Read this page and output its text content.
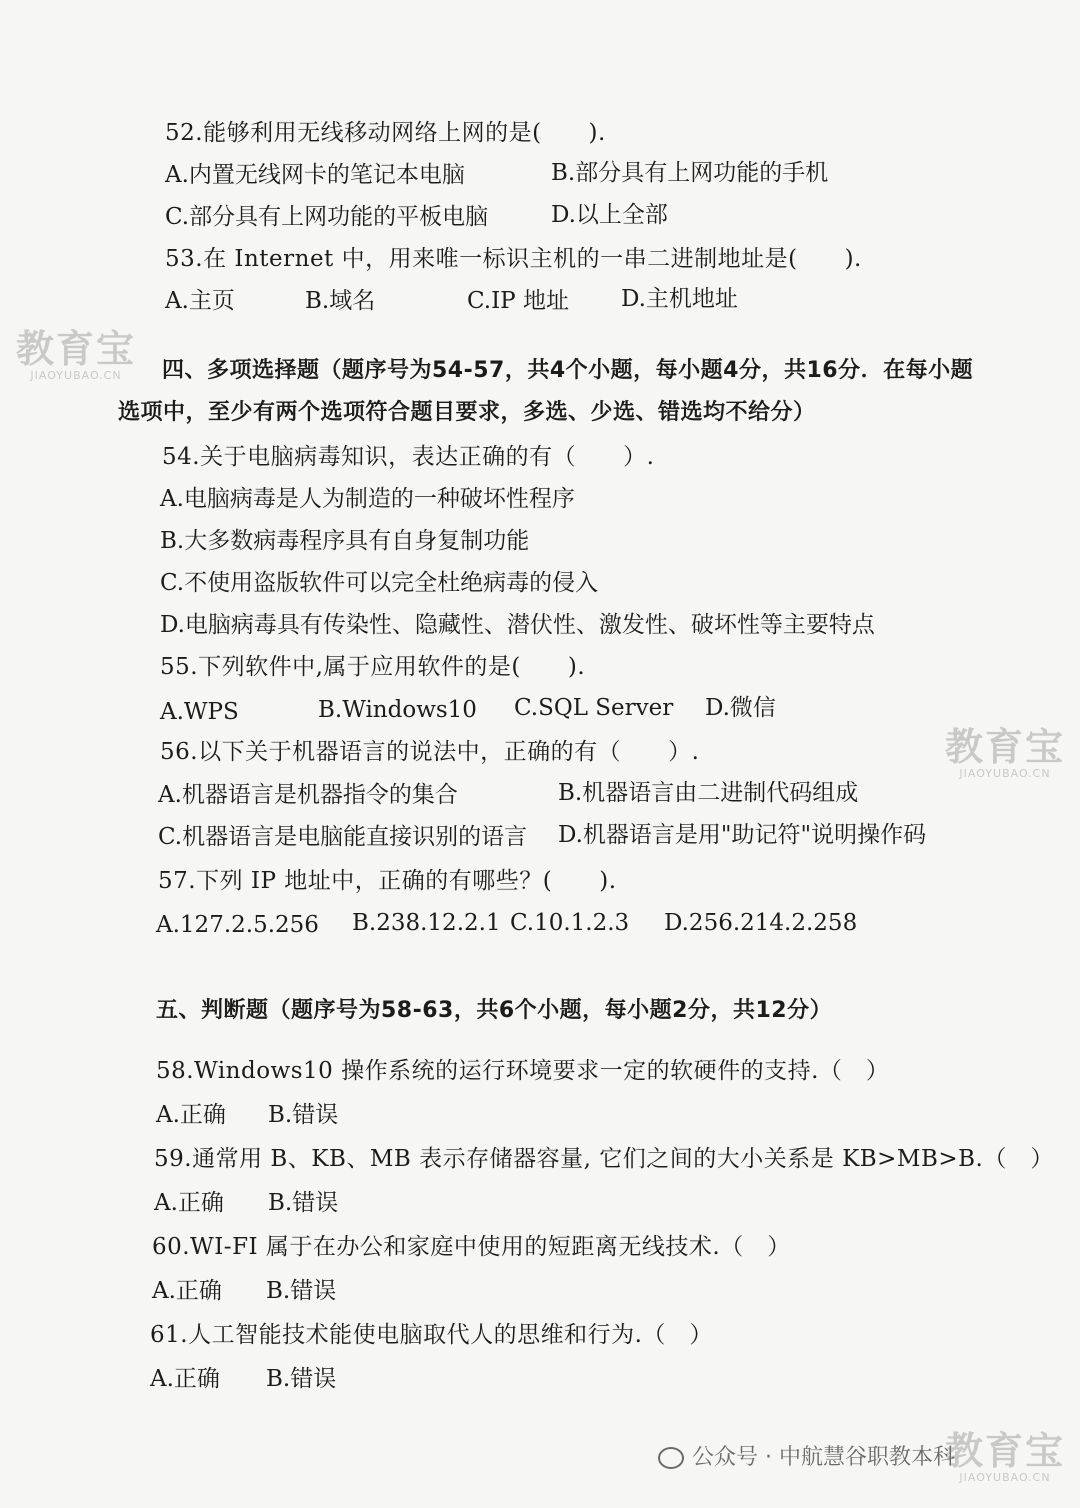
52.能够利用无线移动网络上网的是(　　).
A.内置无线网卡的笔记本电脑	B.部分具有上网功能的手机
C.部分具有上网功能的平板电脑	D.以上全部
53.在 Internet 中，用来唯一标识主机的一串二进制地址是(　　).
A.主页	B.域名	C.IP 地址 D.主机地址
四、多项选择题（题序号为54-57，共4个小题，每小题4分，共16分．在每小题
选项中，至少有两个选项符合题目要求，多选、少选、错选均不给分）
54.关于电脑病毒知识，表达正确的有（　　）.
A.电脑病毒是人为制造的一种破坏性程序
B.大多数病毒程序具有自身复制功能
C.不使用盗版软件可以完全杜绝病毒的侵入
D.电脑病毒具有传染性、隐藏性、潜伏性、激发性、破坏性等主要特点
55.下列软件中,属于应用软件的是(　　).
A.WPS	B.Windows10 C.SQL Server D.微信
56.以下关于机器语言的说法中，正确的有（　　）.
A.机器语言是机器指令的集合	B.机器语言由二进制代码组成
C.机器语言是电脑能直接识别的语言 D.机器语言是用"助记符"说明操作码
57.下列 IP 地址中，正确的有哪些？(　　).
A.127.2.5.256 B.238.12.2.1 C.10.1.2.3 D.256.214.2.258
五、判断题（题序号为58-63，共6个小题，每小题2分，共12分）
58.Windows10 操作系统的运行环境要求一定的软硬件的支持.（　）
A.正确 B.错误
59.通常用 B、KB、MB 表示存储器容量, 它们之间的大小关系是 KB>MB>B.（　）
A.正确 B.错误
60.WI-FI 属于在办公和家庭中使用的短距离无线技术.（　）
A.正确 B.错误
61.人工智能技术能使电脑取代人的思维和行为.（　）
A.正确 B.错误
教育宝
JIAOYUBAO.CN
教育宝
JIAOYUBAO.CN
教育宝
JIAOYUBAO.CN
公众号 · 中航慧谷职教本科
